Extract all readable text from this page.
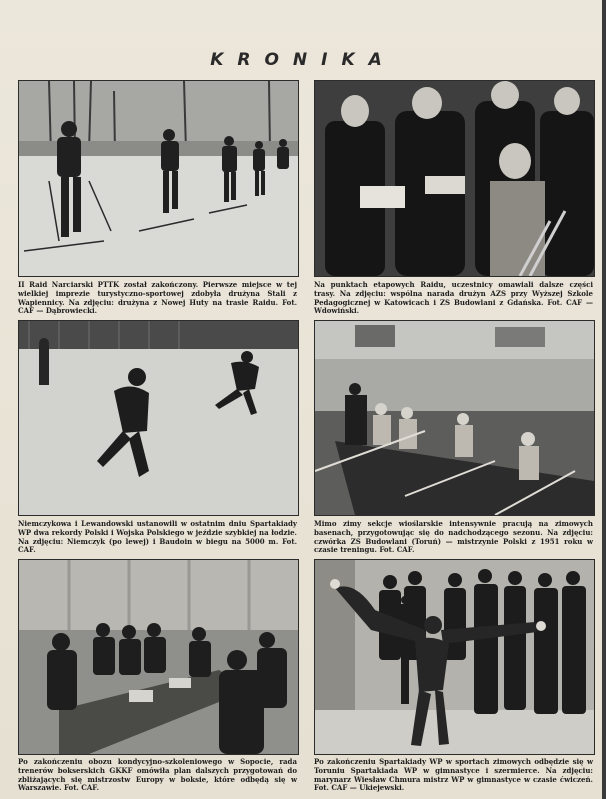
KRONIKA

II Raid Narciarski PTTK został zakończony. Pierwsze miejsce w tej wielkiej imprezie turystyczno-sportowej zdobyła drużyna Stali z Wapiennicy. Na zdjęciu: drużyna z Nowej Huty na trasie Raidu. Fot. CAF — Dąbrowiecki.

Na punktach etapowych Raidu, uczestnicy omawiali dalsze części trasy. Na zdjęciu: wspólna narada drużyn AZS przy Wyższej Szkole Pedagogicznej w Katowicach i ZS Budowlani z Gdańska. Fot. CAF — Wdowiński.

Niemczykowa i Lewandowski ustanowili w ostatnim dniu Spartakiady WP dwa rekordy Polski i Wojska Polskiego w jeździe szybkiej na łodzie. Na zdjęciu: Niemczyk (po lewej) i Baudoin w biegu na 5000 m. Fot. CAF.

Mimo zimy sekcje wioślarskie intensywnie pracują na zimowych basenach, przygotowując się do nadchodzącego sezonu. Na zdjęciu: czwórka ZS Budowlani (Toruń) — mistrzynie Polski z 1951 roku w czasie treningu. Fot. CAF.

Po zakończeniu obozu kondycyjno-szkoleniowego w Sopocie, rada trenerów bokserskich GKKF omówiła plan dalszych przygotowań do zbliżających się mistrzostw Europy w boksie, które odbędą się w Warszawie. Fot. CAF.

Po zakończeniu Spartakiady WP w sportach zimowych odbędzie się w Toruniu Spartakiada WP w gimnastyce i szermierce. Na zdjęciu: marynarz Wiesław Chmura mistrz WP w gimnastyce w czasie ćwiczeń. Fot. CAF — Ukiejewski.
